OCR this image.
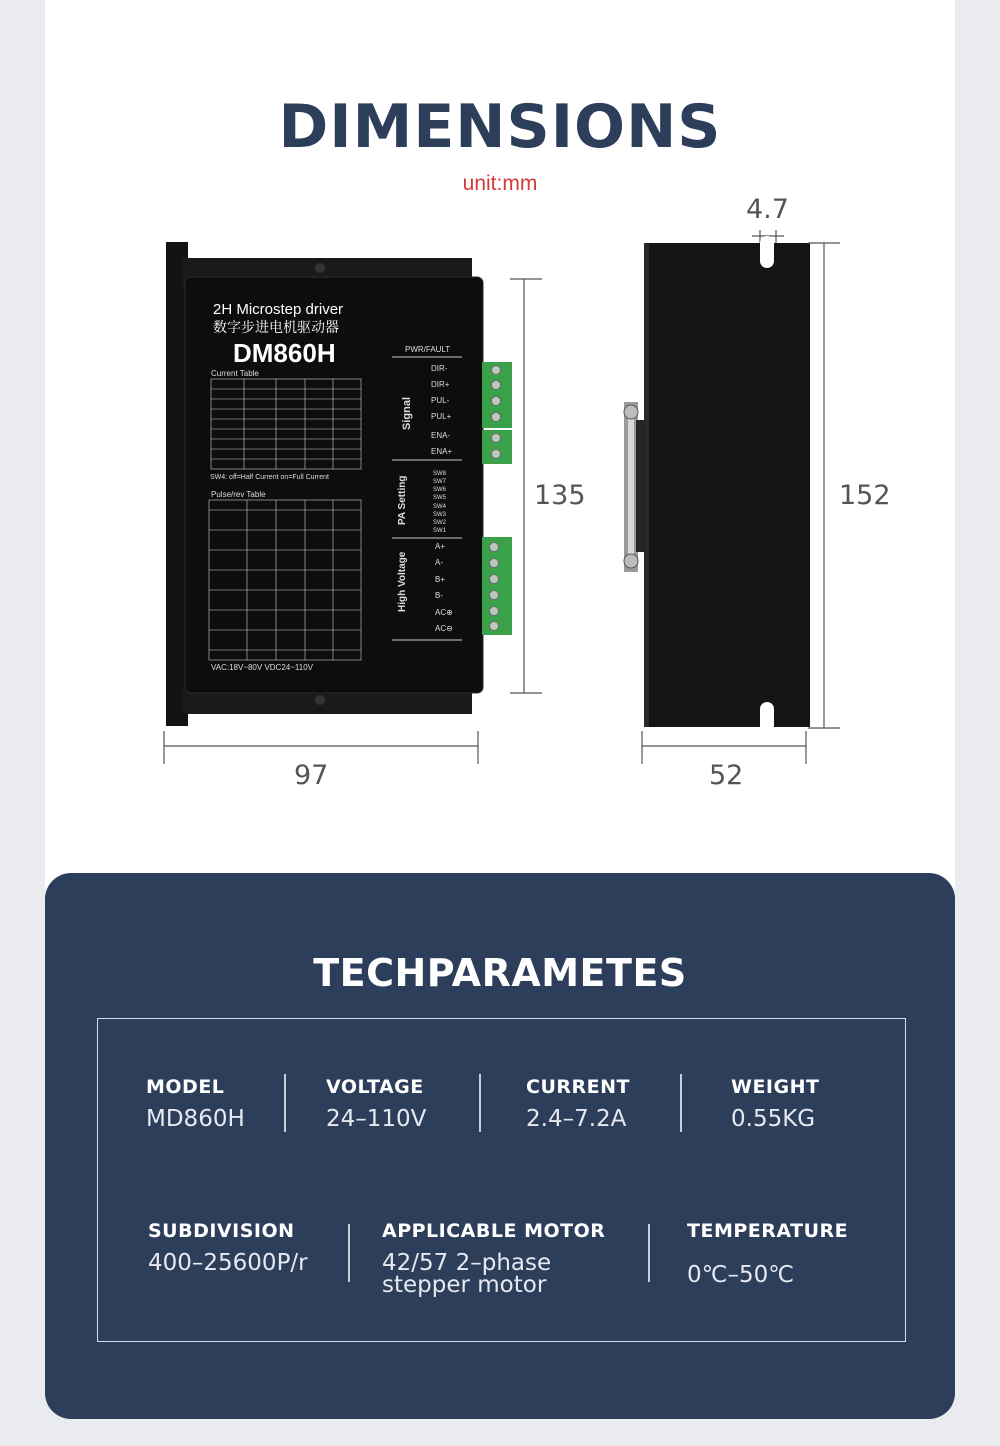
DIMENSIONS
unit:mm
2H Microstep driver
数字步进电机驱动器
DM860H
Current Table
SW4: off=Half Current on=Full Current
Pulse/rev Table
VAC:18V~80V VDC24~110V
PWR/FAULT
Signal
PA Setting
High Voltage
DIR-
DIR+
PUL-
PUL+
ENA-
ENA+
SW8
SW7
SW6
SW5
SW4
SW3
SW2
SW1
A+
A-
B+
B-
AC⊕
AC⊖
135
97
4.7
152
52
TECHPARAMETES
MODEL
MD860H
VOLTAGE
24–110V
CURRENT
2.4–7.2A
WEIGHT
0.55KG
SUBDIVISION
400–25600P/r
APPLICABLE MOTOR
42/57 2–phase
stepper motor
TEMPERATURE
0℃–50℃
